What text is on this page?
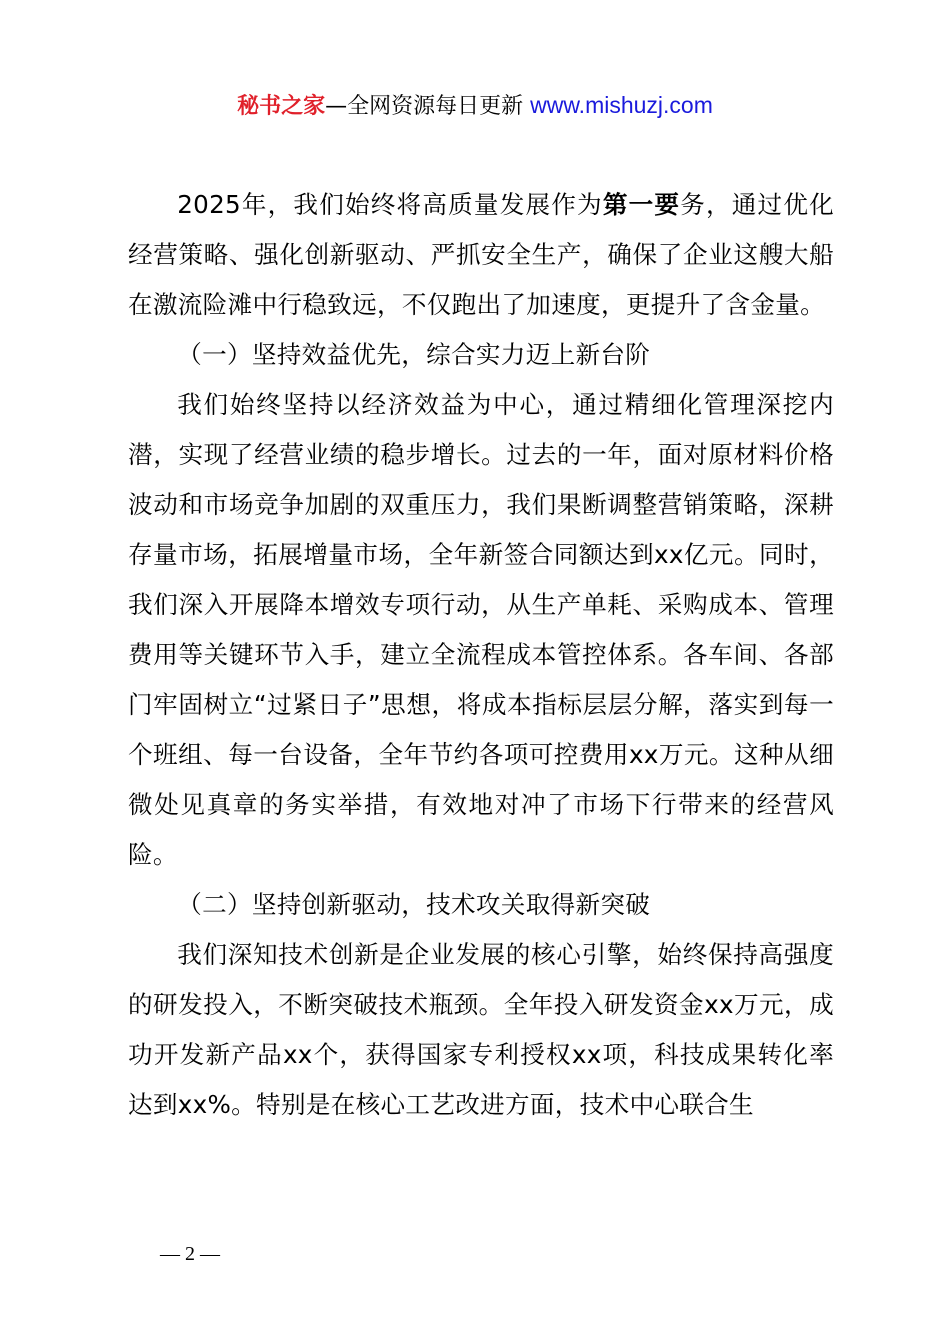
秘书之家—全网资源每日更新 www.mishuzj.com

2025年，我们始终将高质量发展作为第一要务，通过优化经营策略、强化创新驱动、严抓安全生产，确保了企业这艘大船在激流险滩中行稳致远，不仅跑出了加速度，更提升了含金量。

（一）坚持效益优先，综合实力迈上新台阶

我们始终坚持以经济效益为中心，通过精细化管理深挖内潜，实现了经营业绩的稳步增长。过去的一年，面对原材料价格波动和市场竞争加剧的双重压力，我们果断调整营销策略，深耕存量市场，拓展增量市场，全年新签合同额达到xx亿元。同时，我们深入开展降本增效专项行动，从生产单耗、采购成本、管理费用等关键环节入手，建立全流程成本管控体系。各车间、各部门牢固树立“过紧日子”思想，将成本指标层层分解，落实到每一个班组、每一台设备，全年节约各项可控费用xx万元。这种从细微处见真章的务实举措，有效地对冲了市场下行带来的经营风险。

（二）坚持创新驱动，技术攻关取得新突破

我们深知技术创新是企业发展的核心引擎，始终保持高强度的研发投入，不断突破技术瓶颈。全年投入研发资金xx万元，成功开发新产品xx个，获得国家专利授权xx项，科技成果转化率达到xx%。特别是在核心工艺改进方面，技术中心联合生

— 2 —
